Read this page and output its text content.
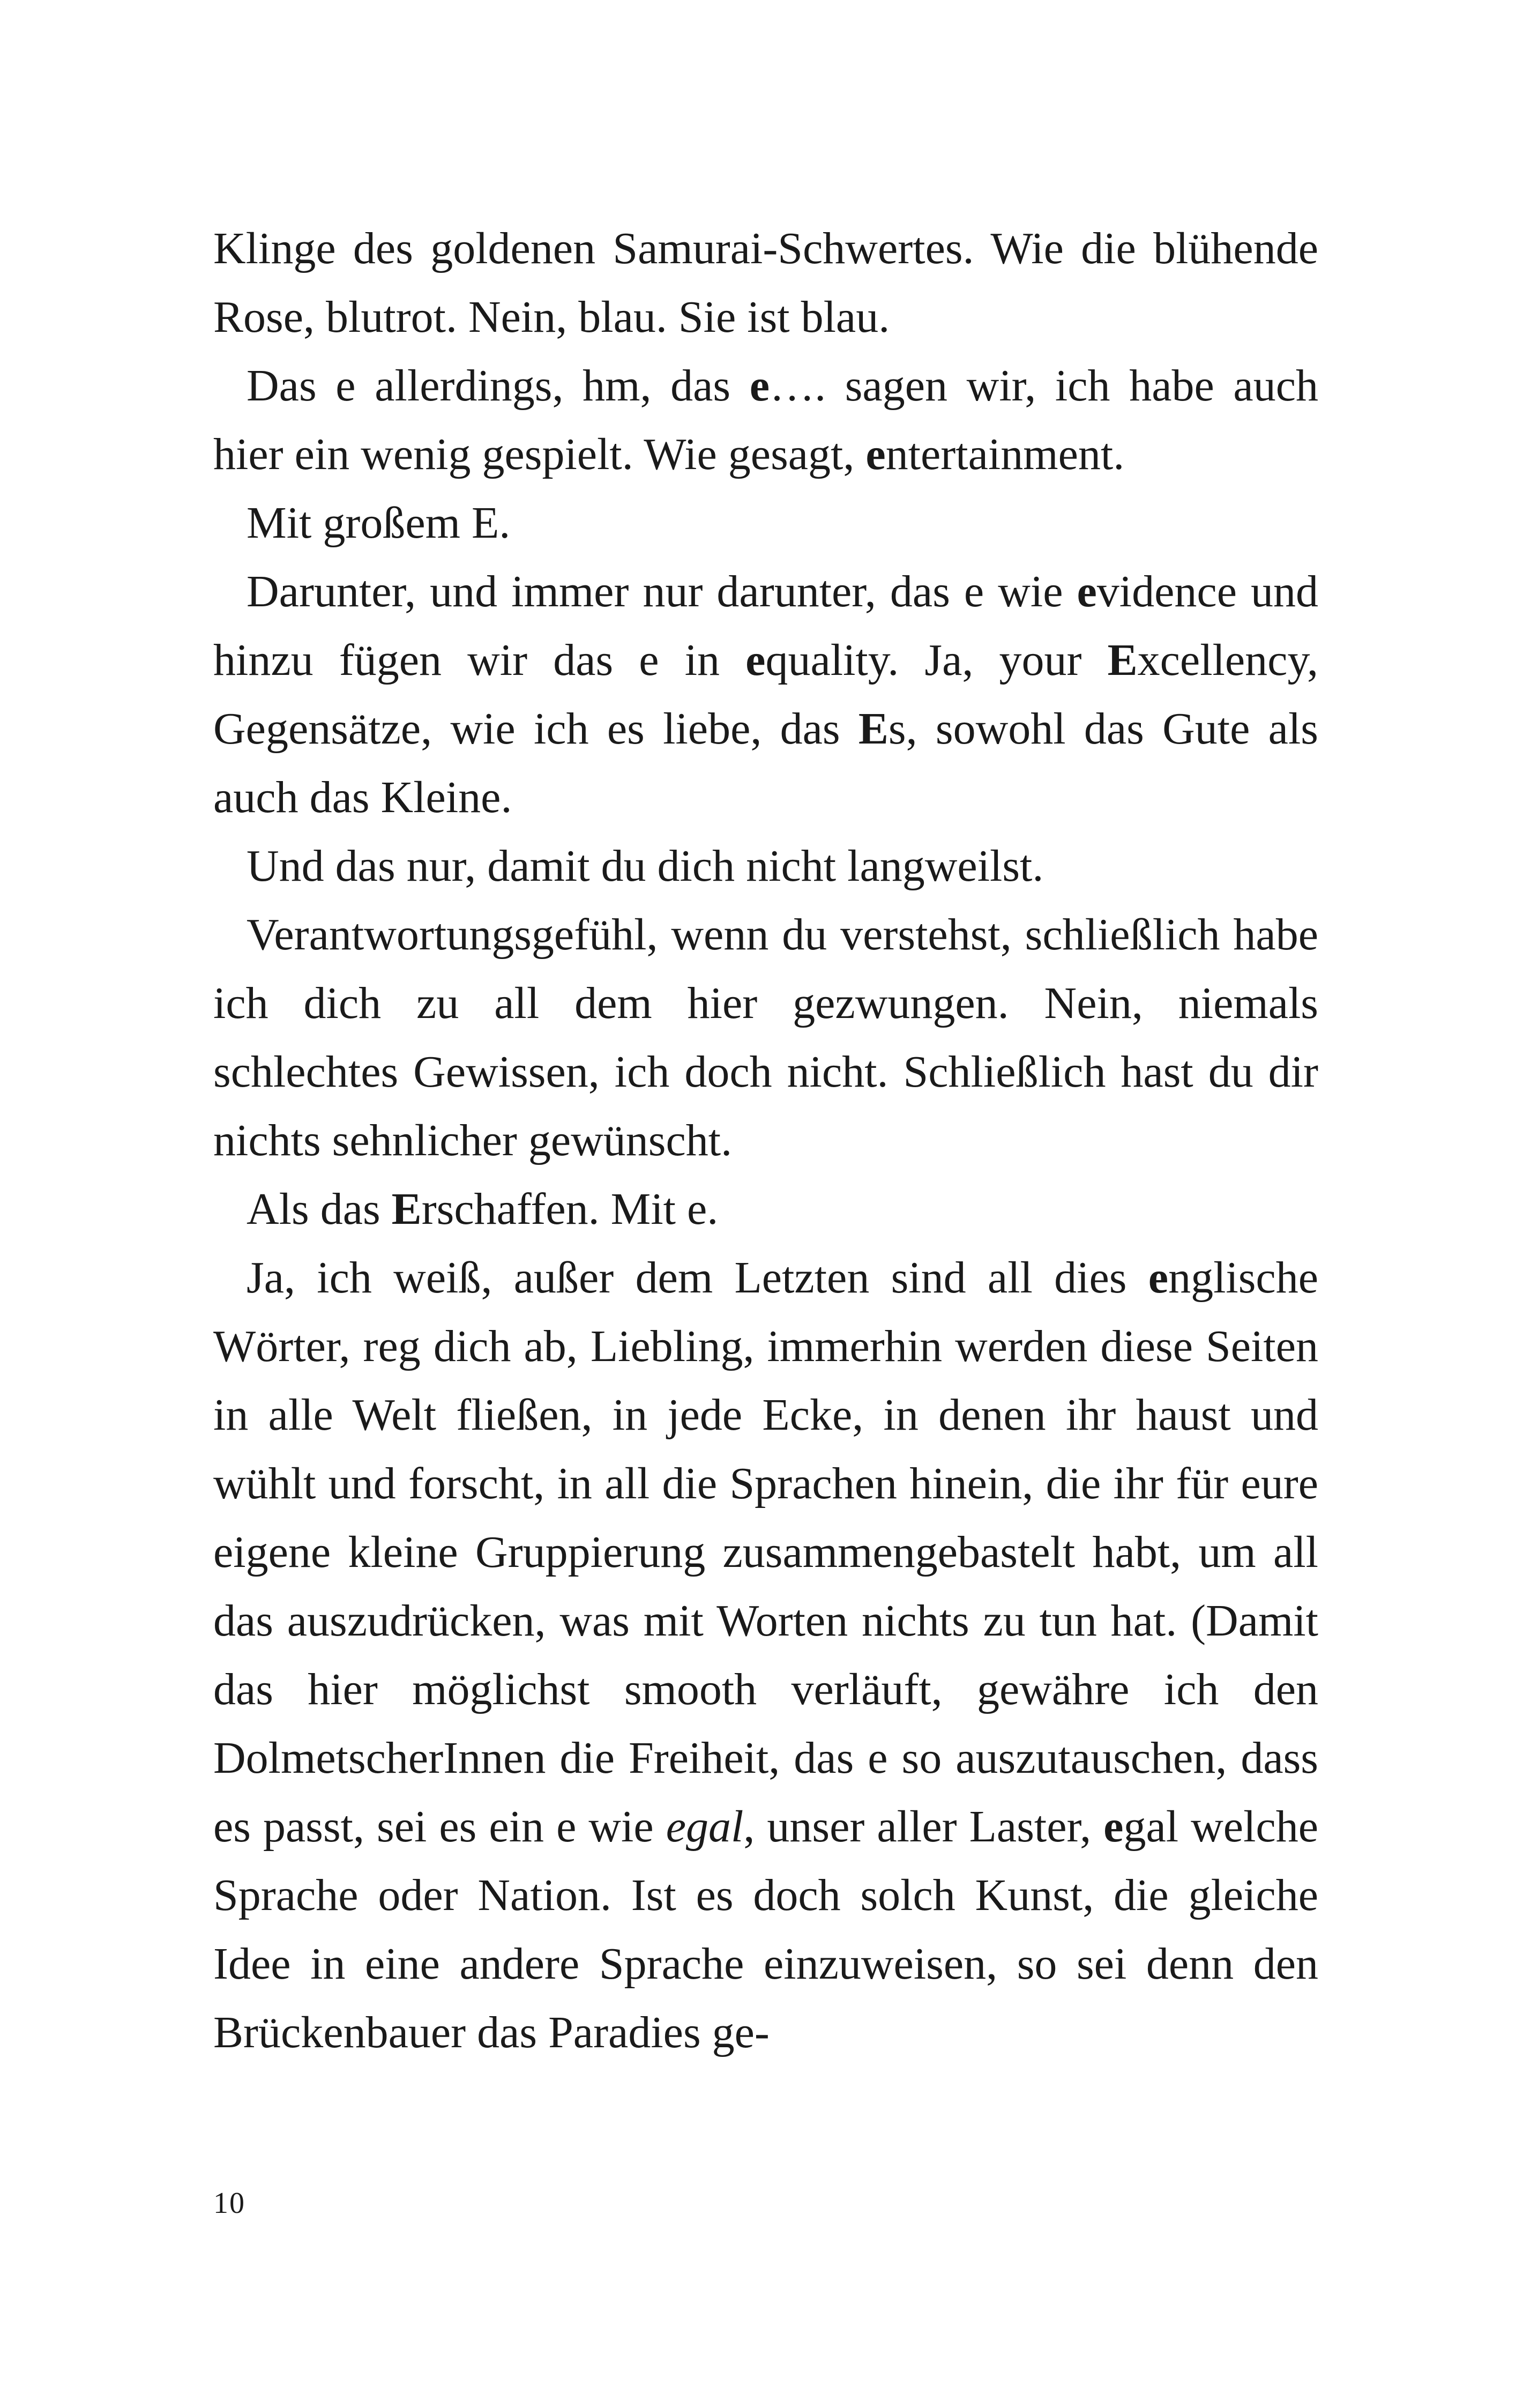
Klinge des goldenen Samurai-Schwertes. Wie die blühende Rose, blutrot. Nein, blau. Sie ist blau.

Das e allerdings, hm, das e…. sagen wir, ich habe auch hier ein wenig gespielt. Wie gesagt, entertainment.

Mit großem E.

Darunter, und immer nur darunter, das e wie evidence und hinzu fügen wir das e in equality. Ja, your Excellency, Gegensätze, wie ich es liebe, das Es, sowohl das Gute als auch das Kleine.

Und das nur, damit du dich nicht langweilst.

Verantwortungsgefühl, wenn du verstehst, schließlich habe ich dich zu all dem hier gezwungen. Nein, niemals schlechtes Gewissen, ich doch nicht. Schließlich hast du dir nichts sehnlicher gewünscht.

Als das Erschaffen. Mit e.

Ja, ich weiß, außer dem Letzten sind all dies englische Wörter, reg dich ab, Liebling, immerhin werden diese Seiten in alle Welt fließen, in jede Ecke, in denen ihr haust und wühlt und forscht, in all die Sprachen hinein, die ihr für eure eigene kleine Gruppierung zusammengebastelt habt, um all das auszudrücken, was mit Worten nichts zu tun hat. (Damit das hier möglichst smooth verläuft, gewähre ich den DolmetscherInnen die Freiheit, das e so auszutauschen, dass es passt, sei es ein e wie egal, unser aller Laster, egal welche Sprache oder Nation. Ist es doch solch Kunst, die gleiche Idee in eine andere Sprache einzuweisen, so sei denn den Brückenbauer das Paradies ge-

10
